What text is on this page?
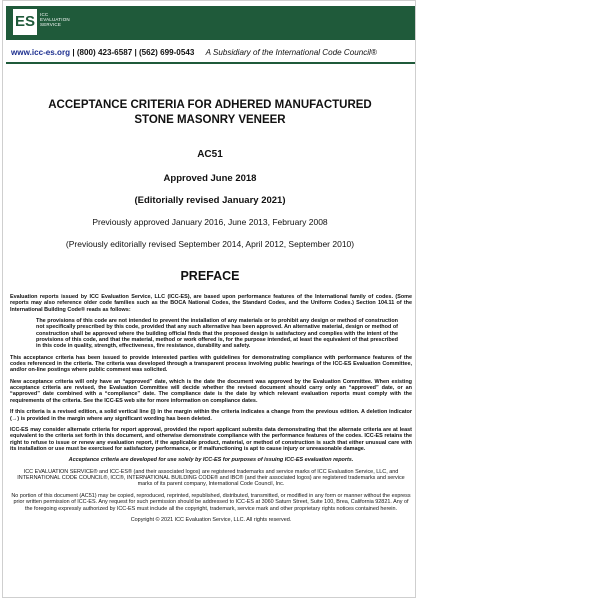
ES	ICC
EVALUATION
SERVICE
www.icc-es.org | (800) 423-6587 | (562) 699-0543 A Subsidiary of the International Code Council®
ACCEPTANCE CRITERIA FOR ADHERED MANUFACTURED
STONE MASONRY VENEER
AC51
Approved June 2018
(Editorially revised January 2021)
Previously approved January 2016, June 2013, February 2008
(Previously editorially revised September 2014, April 2012, September 2010)
PREFACE

Evaluation reports issued by ICC Evaluation Service, LLC (ICC-ES), are based upon performance features of the International family of codes. (Some reports may also reference older code families such as the BOCA National Codes, the Standard Codes, and the Uniform Codes.) Section 104.11 of the International Building Code® reads as follows:

The provisions of this code are not intended to prevent the installation of any materials or to prohibit any design or method of construction not specifically prescribed by this code, provided that any such alternative has been approved. An alternative material, design or method of construction shall be approved where the building official finds that the proposed design is satisfactory and complies with the intent of the provisions of this code, and that the material, method or work offered is, for the purpose intended, at least the equivalent of that prescribed in this code in quality, strength, effectiveness, fire resistance, durability and safety.

This acceptance criteria has been issued to provide interested parties with guidelines for demonstrating compliance with performance features of the codes referenced in the criteria. The criteria was developed through a transparent process involving public hearings of the ICC-ES Evaluation Committee, and/or on-line postings where public comment was solicited.

New acceptance criteria will only have an “approved” date, which is the date the document was approved by the Evaluation Committee. When existing acceptance criteria are revised, the Evaluation Committee will decide whether the revised document should carry only an “approved” date, or an “approved” date combined with a “compliance” date. The compliance date is the date by which relevant evaluation reports must comply with the requirements of the criteria. See the ICC-ES web site for more information on compliance dates.

If this criteria is a revised edition, a solid vertical line (|) in the margin within the criteria indicates a change from the previous edition. A deletion indicator (→) is provided in the margin where any significant wording has been deleted.

ICC-ES may consider alternate criteria for report approval, provided the report applicant submits data demonstrating that the alternate criteria are at least equivalent to the criteria set forth in this document, and otherwise demonstrate compliance with the performance features of the codes. ICC-ES retains the right to refuse to issue or renew any evaluation report, if the applicable product, material, or method of construction is such that either unusual care with its installation or use must be exercised for satisfactory performance, or if malfunctioning is apt to cause injury or unreasonable damage.

Acceptance criteria are developed for use solely by ICC-ES for purposes of issuing ICC-ES evaluation reports.

ICC EVALUATION SERVICE® and ICC-ES® (and their associated logos) are registered trademarks and service marks of ICC Evaluation Service, LLC, and INTERNATIONAL CODE COUNCIL®, ICC®, INTERNATIONAL BUILDING CODE® and IBC® (and their associated logos) are registered trademarks and service marks of its parent company, International Code Council, Inc.

No portion of this document (AC51) may be copied, reproduced, reprinted, republished, distributed, transmitted, or modified in any form or manner without the express prior written permission of ICC-ES. Any request for such permission should be addressed to ICC-ES at 3060 Saturn Street, Suite 100, Brea, California 92821. Any of the foregoing expressly authorized by ICC-ES must include all the copyright, trademark, service mark and other proprietary rights notices contained herein.

Copyright © 2021 ICC Evaluation Service, LLC. All rights reserved.
